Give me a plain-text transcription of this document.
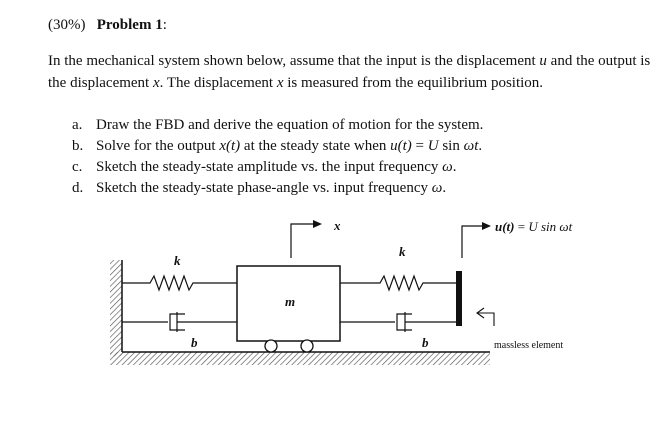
(30%) Problem 1:
In the mechanical system shown below, assume that the input is the displacement u and the output is the displacement x. The displacement x is measured from the equilibrium position.
a. Draw the FBD and derive the equation of motion for the system.
b. Solve for the output x(t) at the steady state when u(t) = U sin ωt.
c. Sketch the steady-state amplitude vs. the input frequency ω.
d. Sketch the steady-state phase-angle vs. input frequency ω.
x	u(t) = U sin ωt
k
k
m
b	b	massless element
